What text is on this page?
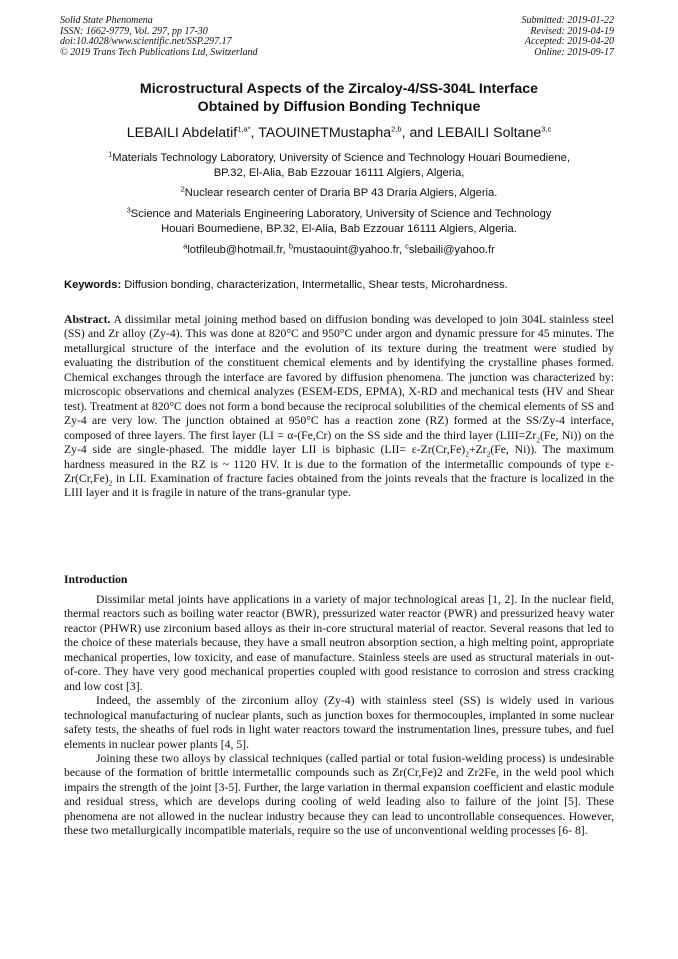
Solid State Phenomena
ISSN: 1662-9779, Vol. 297, pp 17-30
doi:10.4028/www.scientific.net/SSP.297.17
© 2019 Trans Tech Publications Ltd, Switzerland
Submitted: 2019-01-22
Revised: 2019-04-19
Accepted: 2019-04-20
Online: 2019-09-17
Microstructural Aspects of the Zircaloy-4/SS-304L Interface
Obtained by Diffusion Bonding Technique
LEBAILI Abdelatif$^{1,a*}$, TAOUINETMustapha$^{2,b}$, and LEBAILI Soltane$^{3,c}$
$^1$Materials Technology Laboratory, University of Science and Technology Houari Boumediene,
BP.32, El-Alia, Bab Ezzouar 16111 Algiers, Algeria,
$^2$Nuclear research center of Draria BP 43 Draria Algiers, Algeria.
$^3$Science and Materials Engineering Laboratory, University of Science and Technology
Houari Boumediene, BP.32, El-Alia, Bab Ezzouar 16111 Algiers, Algeria.
$^a$lotfileub@hotmail.fr, $^b$mustaouint@yahoo.fr, $^c$slebaili@yahoo.fr
Keywords: Diffusion bonding, characterization, Intermetallic, Shear tests, Microhardness.
Abstract. A dissimilar metal joining method based on diffusion bonding was developed to join 304L stainless steel (SS) and Zr alloy (Zy-4). This was done at 820°C and 950°C under argon and dynamic pressure for 45 minutes. The metallurgical structure of the interface and the evolution of its texture during the treatment were studied by evaluating the distribution of the constituent chemical elements and by identifying the crystalline phases formed. Chemical exchanges through the interface are favored by diffusion phenomena. The junction was characterized by: microscopic observations and chemical analyzes (ESEM-EDS, EPMA), X-RD and mechanical tests (HV and Shear test). Treatment at 820°C does not form a bond because the reciprocal solubilities of the chemical elements of SS and Zy-4 are very low. The junction obtained at 950°C has a reaction zone (RZ) formed at the SS/Zy-4 interface, composed of three layers. The first layer (LI = α-(Fe,Cr) on the SS side and the third layer ($LIII=Zr_2(Fe$, Ni)) on the Zy-4 side are single-phased. The middle layer LII is biphasic ($LII= \varepsilon-Zr(Cr,Fe)_2+Zr_2(Fe$, Ni)). The maximum hardness measured in the RZ is ~ 1120 HV. It is due to the formation of the intermetallic compounds of type $\varepsilon-Zr(Cr,Fe)_2$ in LII. Examination of fracture facies obtained from the joints reveals that the fracture is localized in the LIII layer and it is fragile in nature of the trans-granular type.
Introduction

Dissimilar metal joints have applications in a variety of major technological areas [1, 2]. In the nuclear field, thermal reactors such as boiling water reactor (BWR), pressurized water reactor (PWR) and pressurized heavy water reactor (PHWR) use zirconium based alloys as their in-core structural material of reactor. Several reasons that led to the choice of these materials because, they have a small neutron absorption section, a high melting point, appropriate mechanical properties, low toxicity, and ease of manufacture. Stainless steels are used as structural materials in out-of-core. They have very good mechanical properties coupled with good resistance to corrosion and stress cracking and low cost [3].

Indeed, the assembly of the zirconium alloy (Zy-4) with stainless steel (SS) is widely used in various technological manufacturing of nuclear plants, such as junction boxes for thermocouples, implanted in some nuclear safety tests, the sheaths of fuel rods in light water reactors toward the instrumentation lines, pressure tubes, and fuel elements in nuclear power plants [4, 5].

Joining these two alloys by classical techniques (called partial or total fusion-welding process) is undesirable because of the formation of brittle intermetallic compounds such as Zr(Cr,Fe)2 and Zr2Fe, in the weld pool which impairs the strength of the joint [3-5]. Further, the large variation in thermal expansion coefficient and elastic module and residual stress, which are develops during cooling of weld leading also to failure of the joint [5]. These phenomena are not allowed in the nuclear industry because they can lead to uncontrollable consequences. However, these two metallurgically incompatible materials, require so the use of unconventional welding processes [6- 8].
